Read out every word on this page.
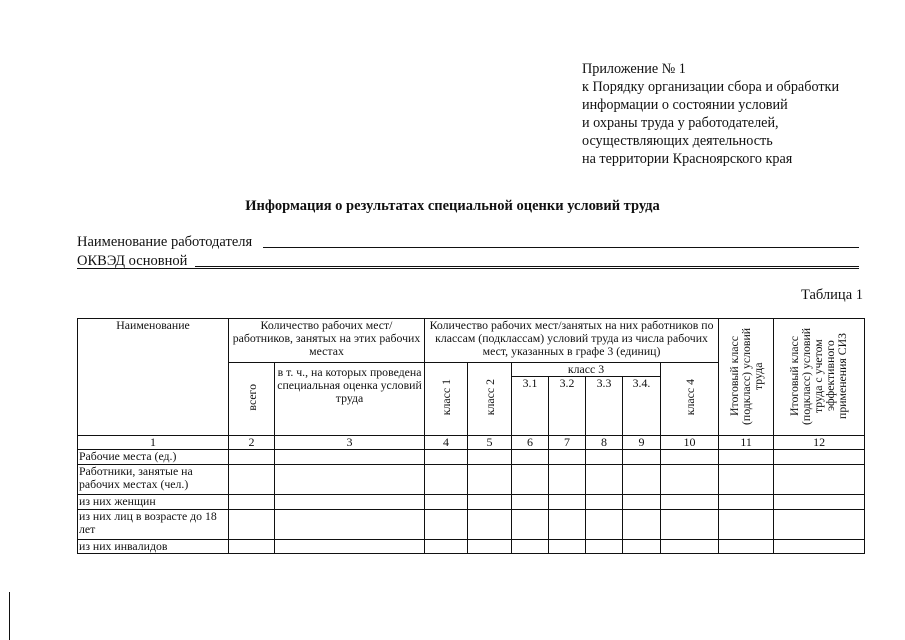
Приложение № 1
к Порядку организации сбора и обработки
информации о состоянии условий
и охраны труда у работодателей,
осуществляющих деятельность
на территории Красноярского края
Информация о результатах специальной оценки условий труда
Наименование работодателя
ОКВЭД основной
Таблица 1
Наименование	Количество рабочих мест/ работников, занятых на этих рабочих местах		Количество рабочих мест/занятых на них работников по классам (подклассам) условий труда из числа рабочих мест, указанных в графе 3 (единиц)							Итоговый класс (подкласс) условий труда	Итоговый класс (подкласс) условий труда с учетом эффективного применения СИЗ
	всего	в т. ч., на которых проведена специальная оценка условий труда	класс 1	класс 2	класс 3				класс 4		
					3.1	3.2	3.3	3.4.			
1	2	3	4	5	6	7	8	9	10	11	12
Рабочие места (ед.)											
Работники, занятые на рабочих местах (чел.)											
из них женщин											
из них лиц в возрасте до 18 лет											
из них инвалидов											
